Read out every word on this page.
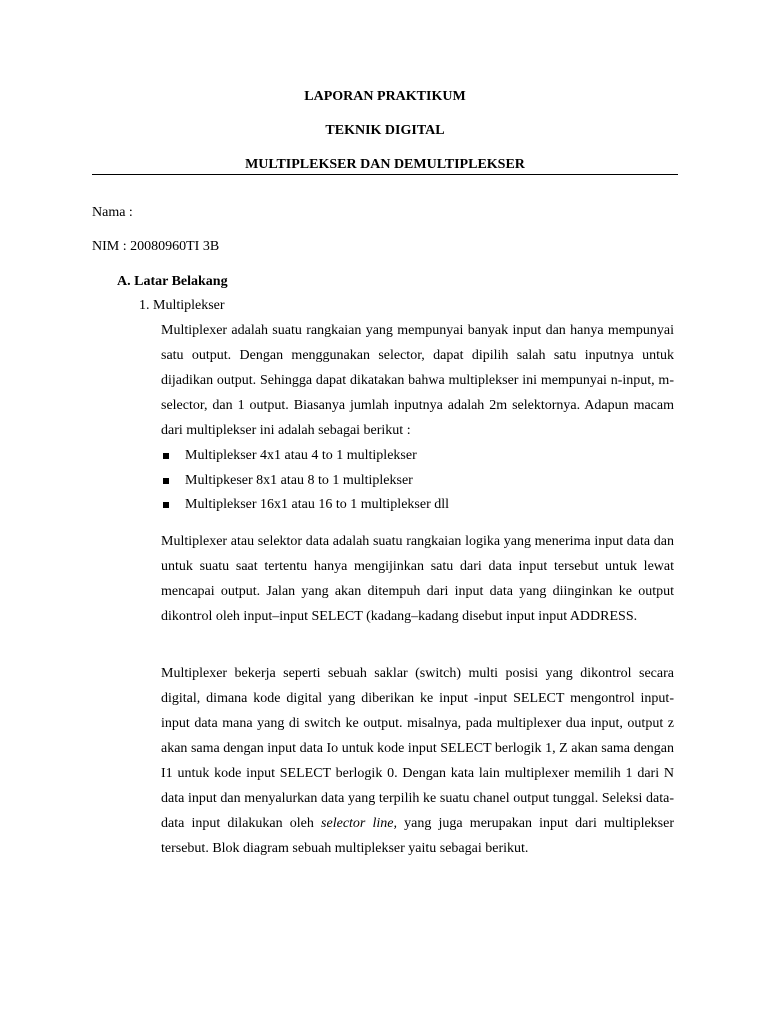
LAPORAN PRAKTIKUM
TEKNIK DIGITAL
MULTIPLEKSER DAN DEMULTIPLEKSER
Nama :
NIM : 20080960TI 3B
A. Latar Belakang
1. Multiplekser

Multiplexer adalah suatu rangkaian yang mempunyai banyak input dan hanya mempunyai satu output. Dengan menggunakan selector, dapat dipilih salah satu inputnya untuk dijadikan output. Sehingga dapat dikatakan bahwa multiplekser ini mempunyai n-input, m-selector, dan 1 output. Biasanya jumlah inputnya adalah 2m selektornya. Adapun macam dari multiplekser ini adalah sebagai berikut :

Multiplekser 4x1 atau 4 to 1 multiplekser
Multipkeser 8x1 atau 8 to 1 multiplekser
Multiplekser 16x1 atau 16 to 1 multiplekser dll

Multiplexer atau selektor data adalah suatu rangkaian logika yang menerima input data dan untuk suatu saat tertentu hanya mengijinkan satu dari data input tersebut untuk lewat mencapai output. Jalan yang akan ditempuh dari input data yang diinginkan ke output dikontrol oleh input–input SELECT (kadang–kadang disebut input input ADDRESS.

Multiplexer bekerja seperti sebuah saklar (switch) multi posisi yang dikontrol secara digital, dimana kode digital yang diberikan ke input -input SELECT mengontrol input-input data mana yang di switch ke output. misalnya, pada multiplexer dua input, output z akan sama dengan input data Io untuk kode input SELECT berlogik 1, Z akan sama dengan I1 untuk kode input SELECT berlogik 0. Dengan kata lain multiplexer memilih 1 dari N data input dan menyalurkan data yang terpilih ke suatu chanel output tunggal. Seleksi data-data input dilakukan oleh selector line, yang juga merupakan input dari multiplekser tersebut. Blok diagram sebuah multiplekser yaitu sebagai berikut.
